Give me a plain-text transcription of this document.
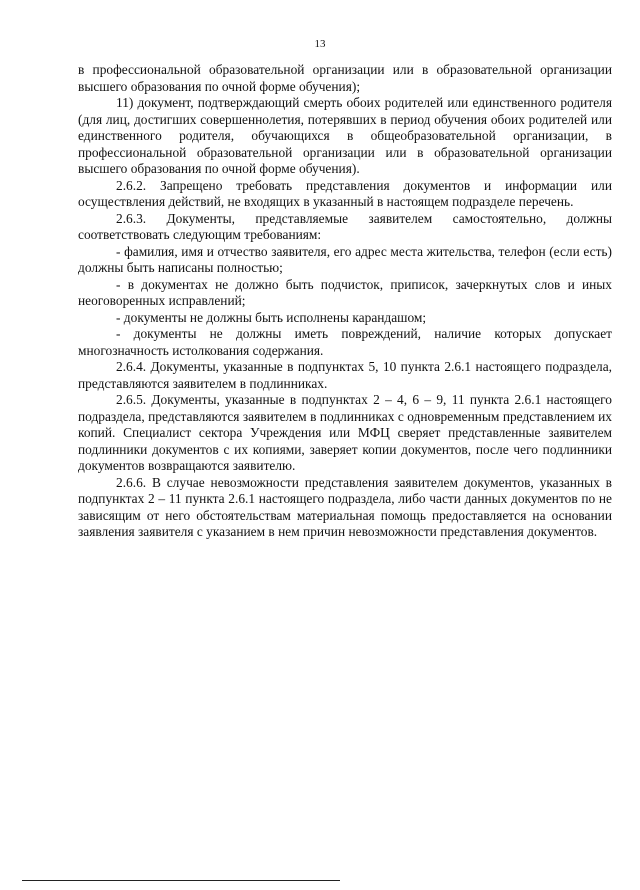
13

в профессиональной образовательной организации или в образовательной организации высшего образования по очной форме обучения);

11) документ, подтверждающий смерть обоих родителей или единственного родителя (для лиц, достигших совершеннолетия, потерявших в период обучения обоих родителей или единственного родителя, обучающихся в общеобразовательной организации, в профессиональной образовательной организации или в образовательной организации высшего образования по очной форме обучения).

2.6.2. Запрещено требовать представления документов и информации или осуществления действий, не входящих в указанный в настоящем подразделе перечень.

2.6.3. Документы, представляемые заявителем самостоятельно, должны соответствовать следующим требованиям:

- фамилия, имя и отчество заявителя, его адрес места жительства, телефон (если есть) должны быть написаны полностью;

- в документах не должно быть подчисток, приписок, зачеркнутых слов и иных неоговоренных исправлений;

- документы не должны быть исполнены карандашом;

- документы не должны иметь повреждений, наличие которых допускает многозначность истолкования содержания.

2.6.4. Документы, указанные в подпунктах 5, 10 пункта 2.6.1 настоящего подраздела, представляются заявителем в подлинниках.

2.6.5. Документы, указанные в подпунктах 2 – 4, 6 – 9, 11 пункта 2.6.1 настоящего подраздела, представляются заявителем в подлинниках с одновременным представлением их копий. Специалист сектора Учреждения или МФЦ сверяет представленные заявителем подлинники документов с их копиями, заверяет копии документов, после чего подлинники документов возвращаются заявителю.

2.6.6. В случае невозможности представления заявителем документов, указанных в подпунктах 2 – 11 пункта 2.6.1 настоящего подраздела, либо части данных документов по не зависящим от него обстоятельствам материальная помощь предоставляется на основании заявления заявителя с указанием в нем причин невозможности представления документов.
